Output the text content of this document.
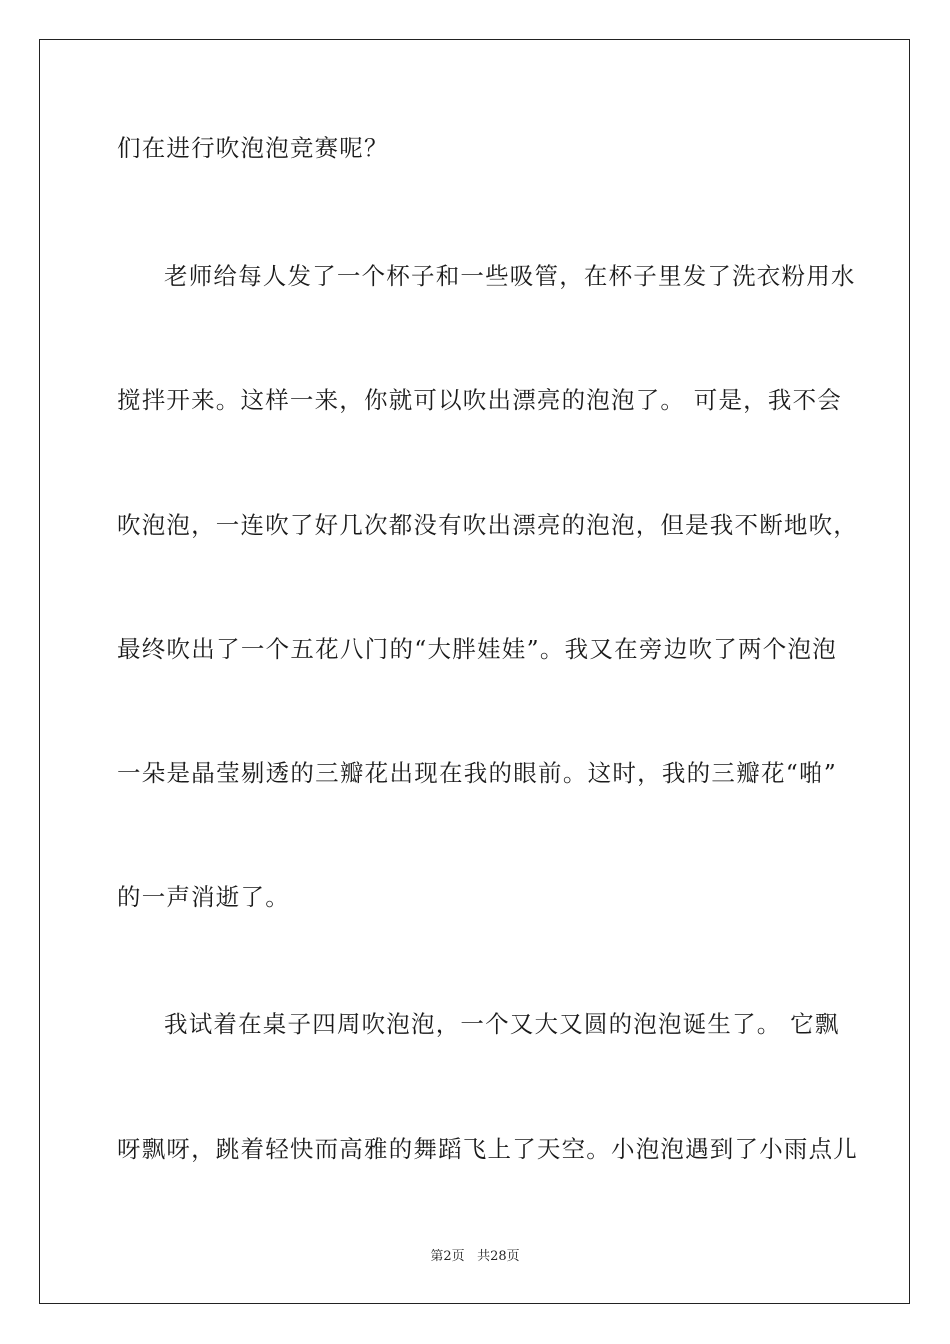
们在进行吹泡泡竞赛呢？
老师给每人发了一个杯子和一些吸管，在杯子里发了洗衣粉用水
搅拌开来。这样一来，你就可以吹出漂亮的泡泡了。 可是，我不会
吹泡泡，一连吹了好几次都没有吹出漂亮的泡泡，但是我不断地吹，
最终吹出了一个五花八门的“大胖娃娃”。我又在旁边吹了两个泡泡
一朵是晶莹剔透的三瓣花出现在我的眼前。这时，我的三瓣花“啪”
的一声消逝了。
我试着在桌子四周吹泡泡，一个又大又圆的泡泡诞生了。 它飘
呀飘呀，跳着轻快而高雅的舞蹈飞上了天空。小泡泡遇到了小雨点儿
第2页 共28页
